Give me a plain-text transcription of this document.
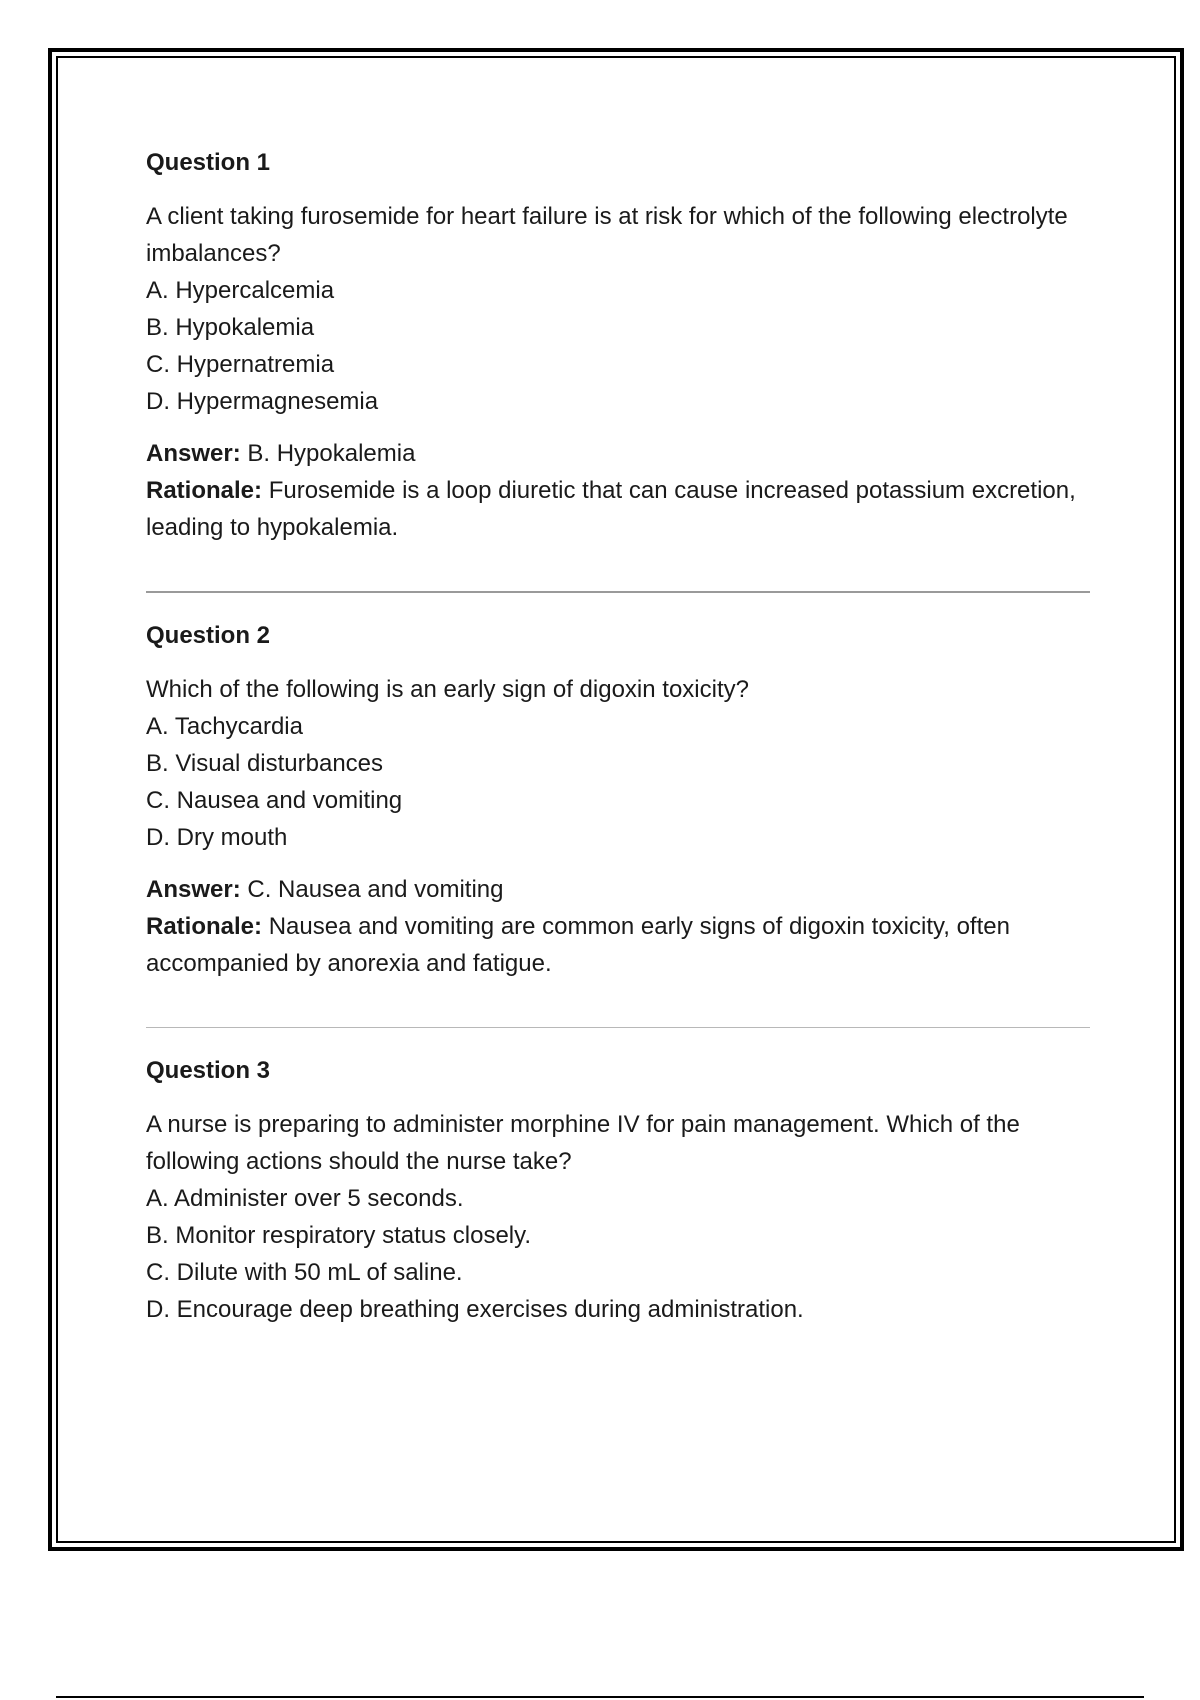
Question 1

A client taking furosemide for heart failure is at risk for which of the following electrolyte imbalances?

A. Hypercalcemia
B. Hypokalemia
C. Hypernatremia
D. Hypermagnesemia

Answer: B. Hypokalemia

Rationale: Furosemide is a loop diuretic that can cause increased potassium excretion, leading to hypokalemia.

Question 2

Which of the following is an early sign of digoxin toxicity?

A. Tachycardia
B. Visual disturbances
C. Nausea and vomiting
D. Dry mouth

Answer: C. Nausea and vomiting

Rationale: Nausea and vomiting are common early signs of digoxin toxicity, often accompanied by anorexia and fatigue.

Question 3

A nurse is preparing to administer morphine IV for pain management. Which of the following actions should the nurse take?

A. Administer over 5 seconds.
B. Monitor respiratory status closely.
C. Dilute with 50 mL of saline.
D. Encourage deep breathing exercises during administration.
